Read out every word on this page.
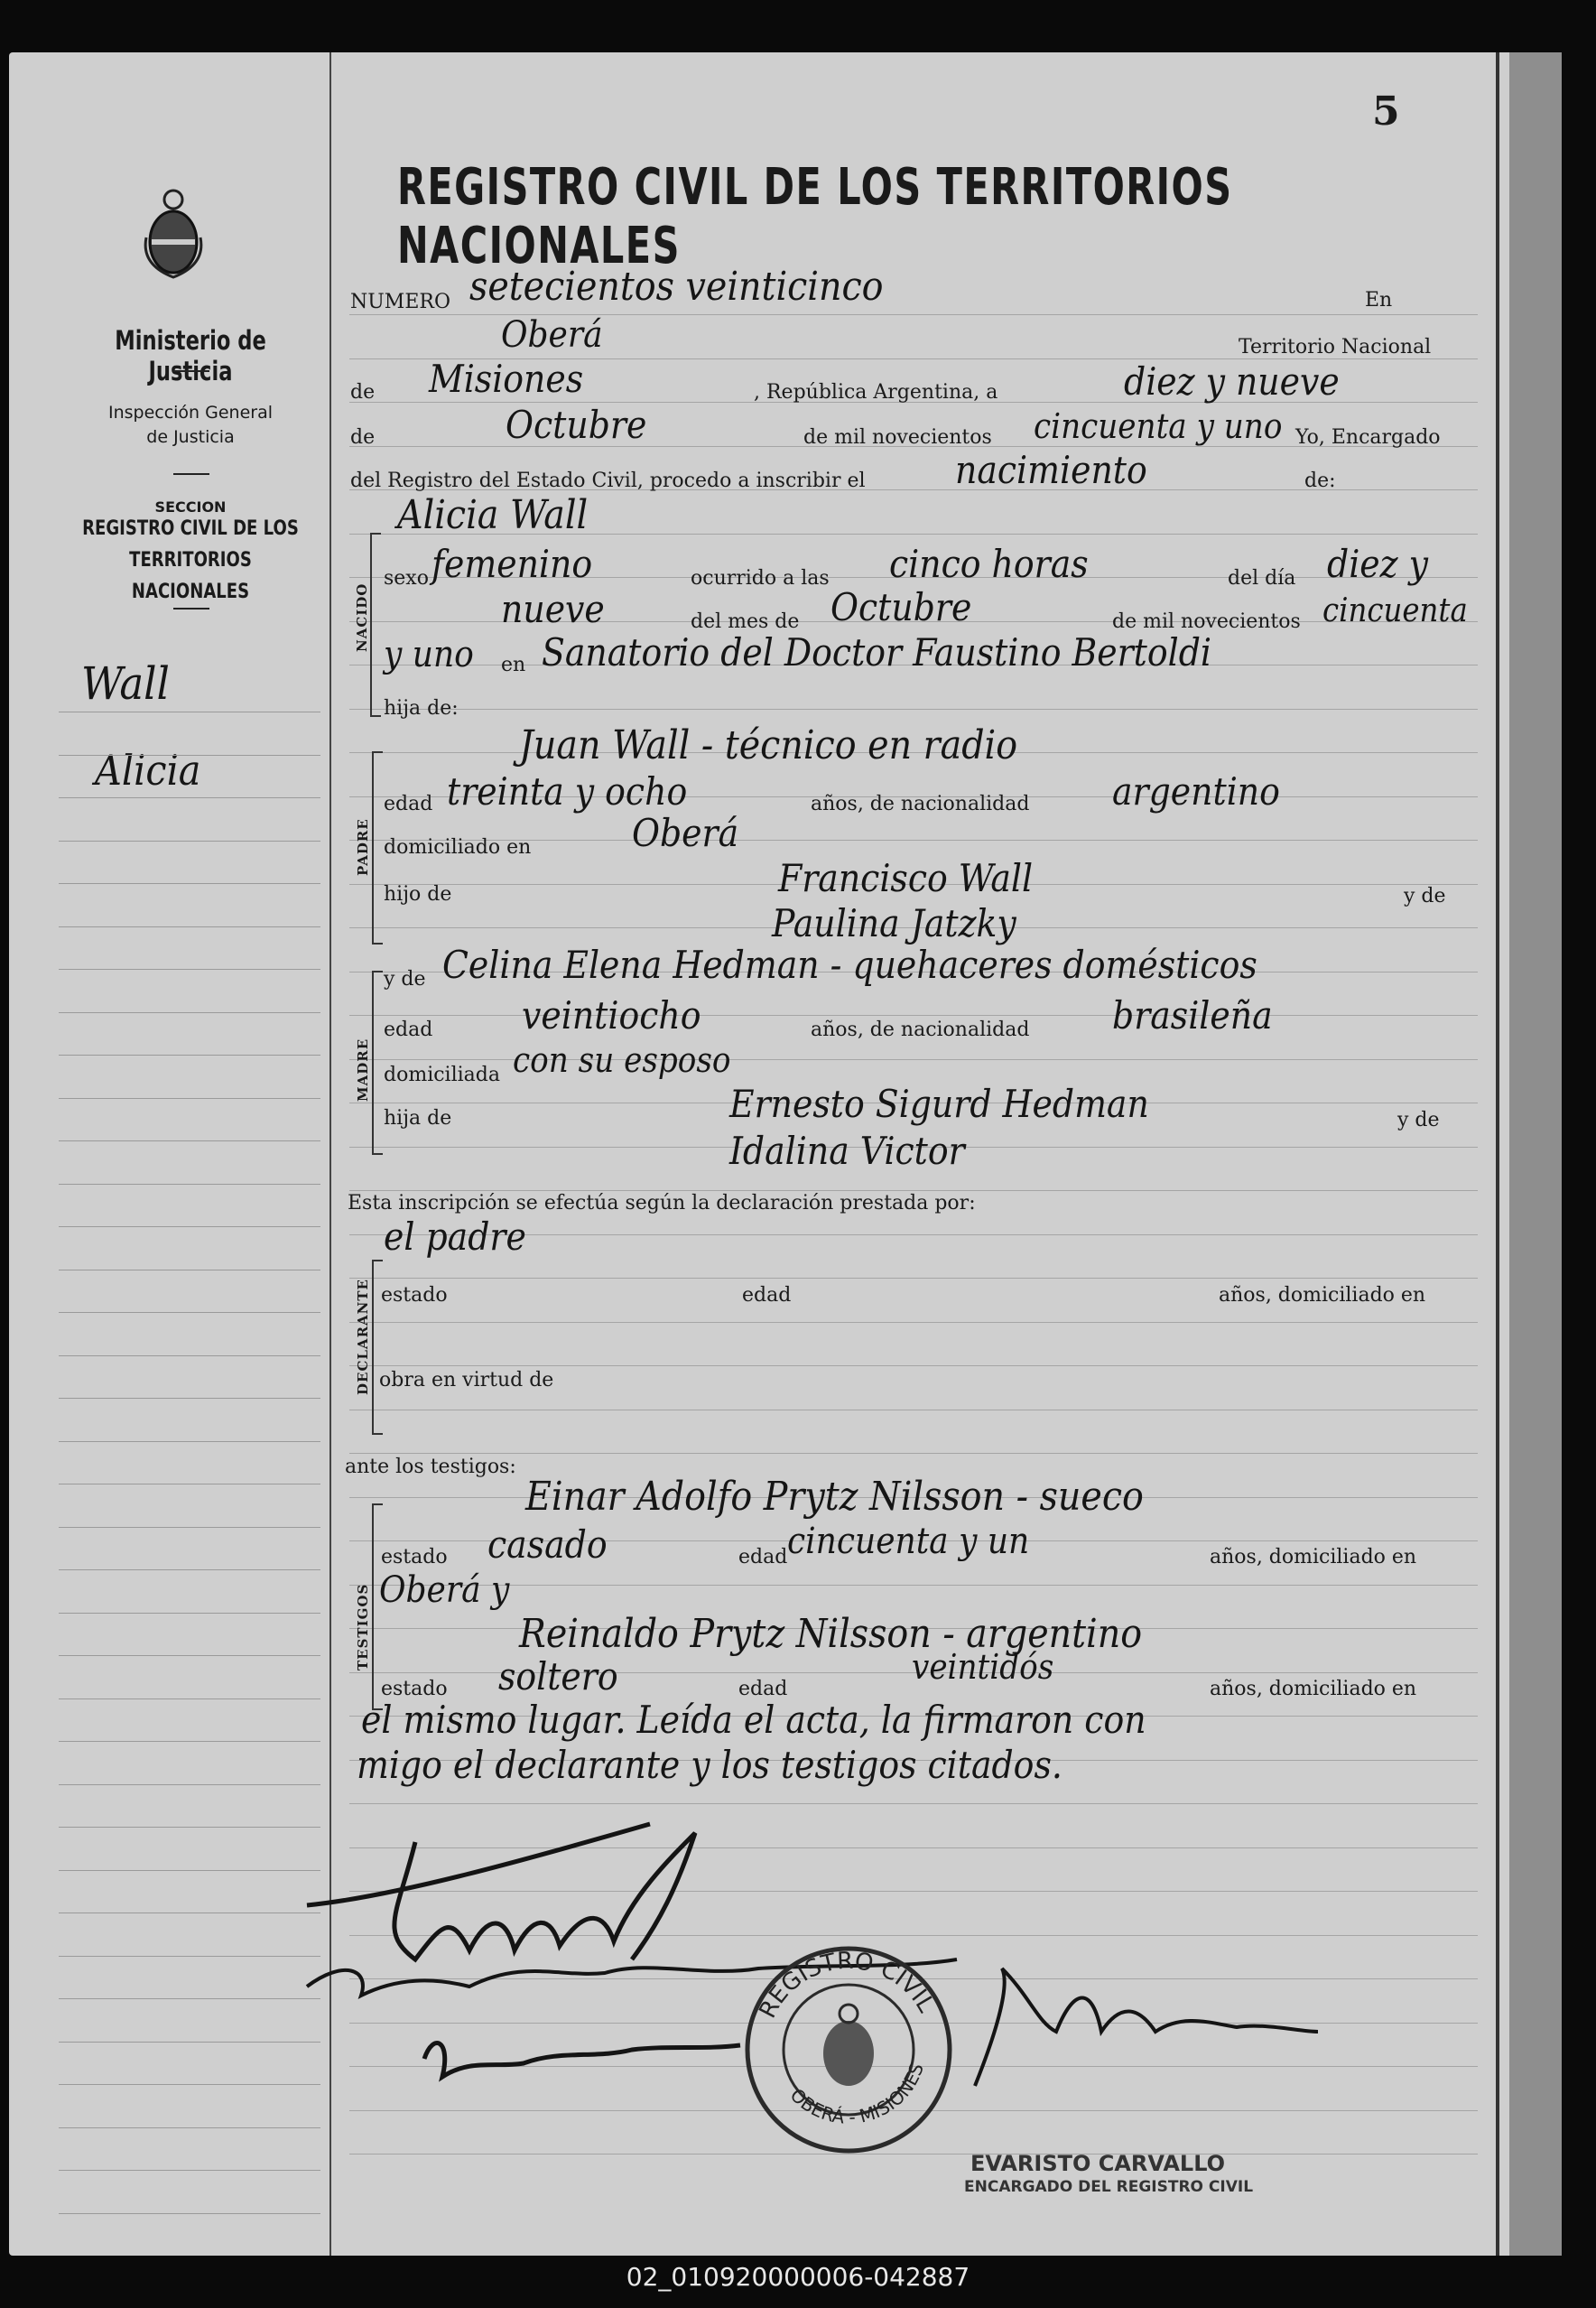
Ministerio de Justicia
Inspección General
de Justicia
SECCION
REGISTRO CIVIL DE LOS
TERRITORIOS NACIONALES
Wall
Alicia
5
REGISTRO CIVIL DE LOS TERRITORIOS NACIONALES
NUMERO setecientos veinticinco	En
Oberá	Territorio Nacional
de Misiones	, República Argentina, a	diez y nueve
de	Octubre	de mil novecientos cincuenta y uno Yo, Encargado
del Registro del Estado Civil, procedo a inscribir el nacimiento	de:
NACIDO
Alicia Wall
sexo femenino	ocurrido a las cinco horas	del día diez y
nueve	del mes de Octubre	de mil novecientos cincuenta
y uno en Sanatorio del Doctor Faustino Bertoldi
hija de:
PADRE
Juan Wall - técnico en radio
edad treinta y ocho	años, de nacionalidad argentino
domiciliado en	Oberá
hijo de	Francisco Wall	y de
Paulina Jatzky
MADRE
y de Celina Elena Hedman - quehaceres domésticos
edad veintiocho	años, de nacionalidad brasileña
domiciliada con su esposo
hija de	Ernesto Sigurd Hedman	y de
Idalina Victor
Esta inscripción se efectúa según la declaración prestada por:
DECLARANTE
el padre
estado	edad	años, domiciliado en
obra en virtud de
ante los testigos:
TESTIGOS
Einar Adolfo Prytz Nilsson - sueco
estado casado	edad cincuenta y un	años, domiciliado en
Oberá y
Reinaldo Prytz Nilsson - argentino
estado soltero	edad
veintidós
años, domiciliado en
el mismo lugar. Leída el acta, la firmaron con
migo el declarante y los testigos citados.
REGISTRO CIVIL
OBERÁ - MISIONES
EVARISTO CARVALLO
ENCARGADO DEL REGISTRO CIVIL
02_010920000006-042887
